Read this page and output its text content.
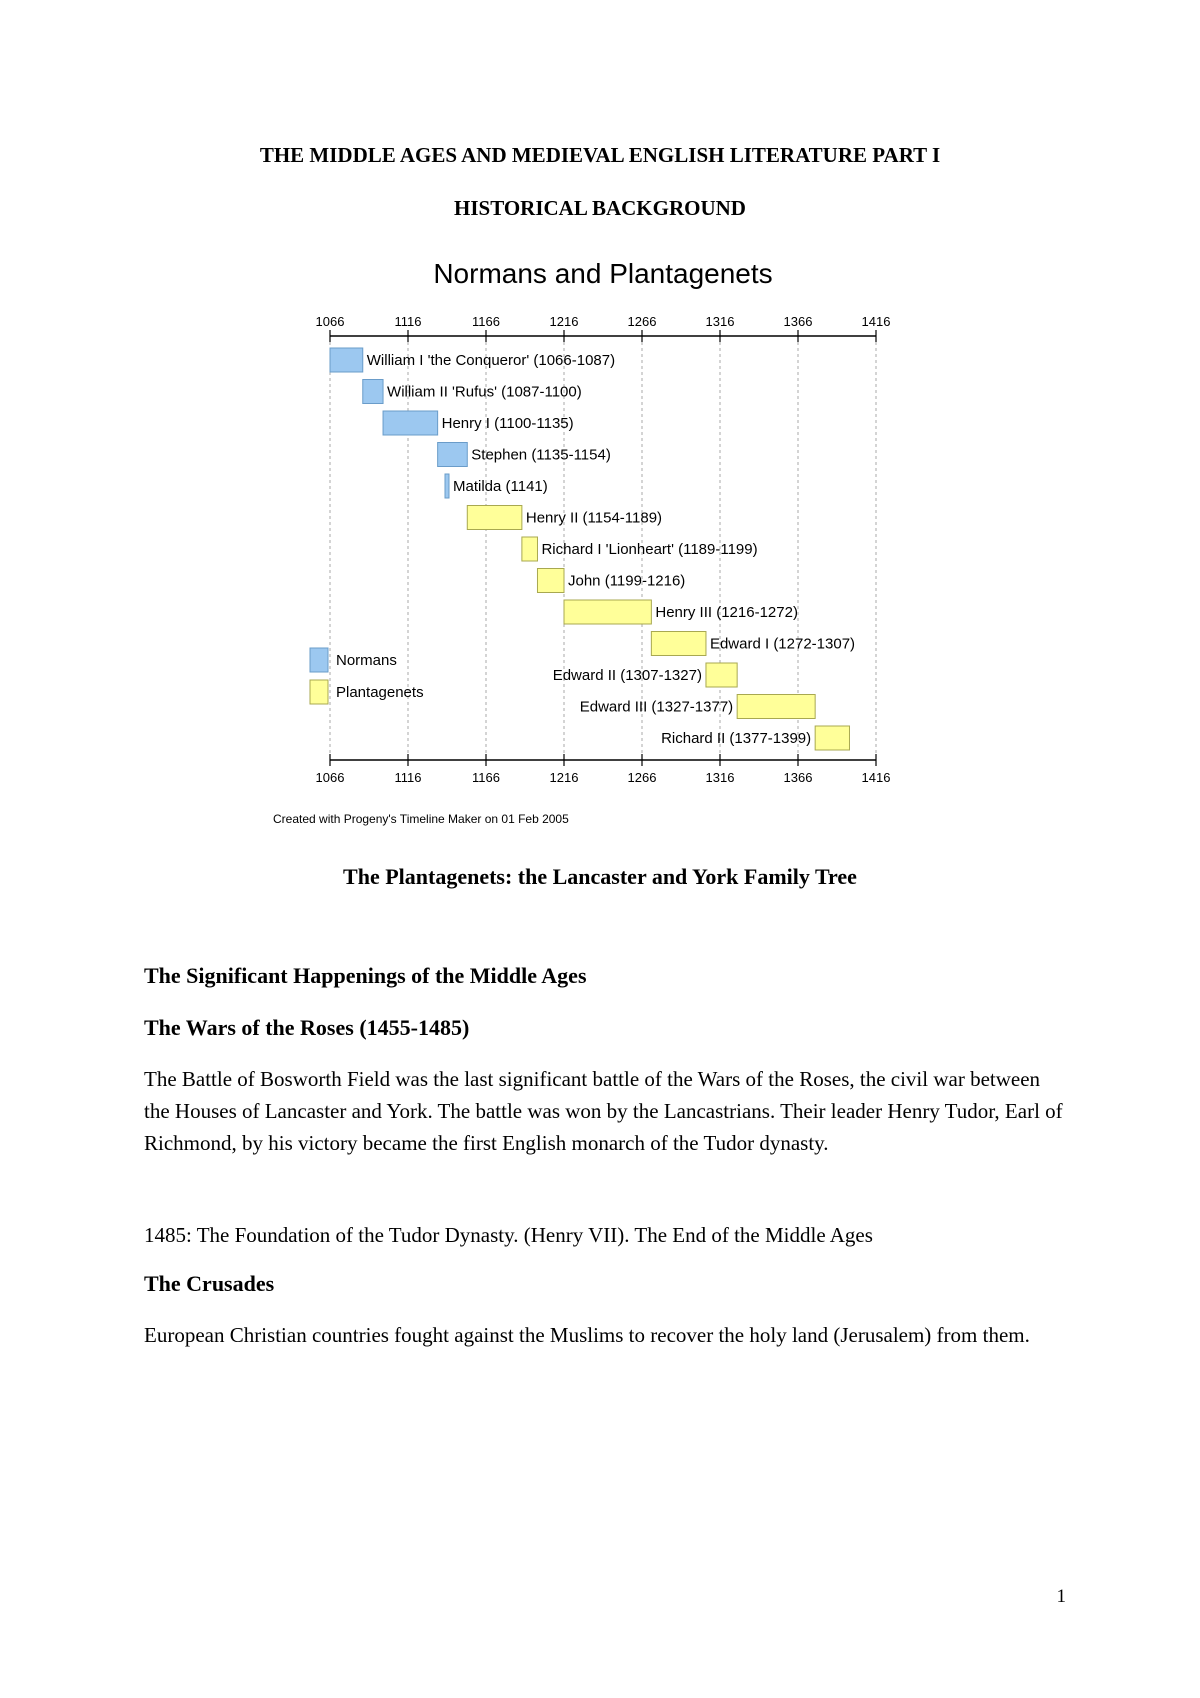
THE MIDDLE AGES AND MEDIEVAL ENGLISH LITERATURE PART I
HISTORICAL BACKGROUND
Normans and Plantagenets
1066	1116	1166	1216	1266	1316	1366	1416
1066	1116	1166	1216	1266	1316	1366	1416
William I 'the Conqueror' (1066-1087)
William II 'Rufus' (1087-1100)
Henry I (1100-1135)
Stephen (1135-1154)
Matilda (1141)
Henry II (1154-1189)
Richard I 'Lionheart' (1189-1199)
John (1199-1216)
Henry III (1216-1272)
Edward I (1272-1307)
Edward II (1307-1327)
Edward III (1327-1377)
Richard II (1377-1399)
Normans
Plantagenets
Created with Progeny's Timeline Maker on 01 Feb 2005
The Plantagenets: the Lancaster and York Family Tree

The Significant Happenings of the Middle Ages

The Wars of the Roses (1455-1485)

The Battle of Bosworth Field was the last significant battle of the Wars of the Roses, the civil war between the Houses of Lancaster and York. The battle was won by the Lancastrians. Their leader Henry Tudor, Earl of Richmond, by his victory became the first English monarch of the Tudor dynasty.

1485: The Foundation of the Tudor Dynasty. (Henry VII). The End of the Middle Ages

The Crusades

European Christian countries fought against the Muslims to recover the holy land (Jerusalem) from them.

1
